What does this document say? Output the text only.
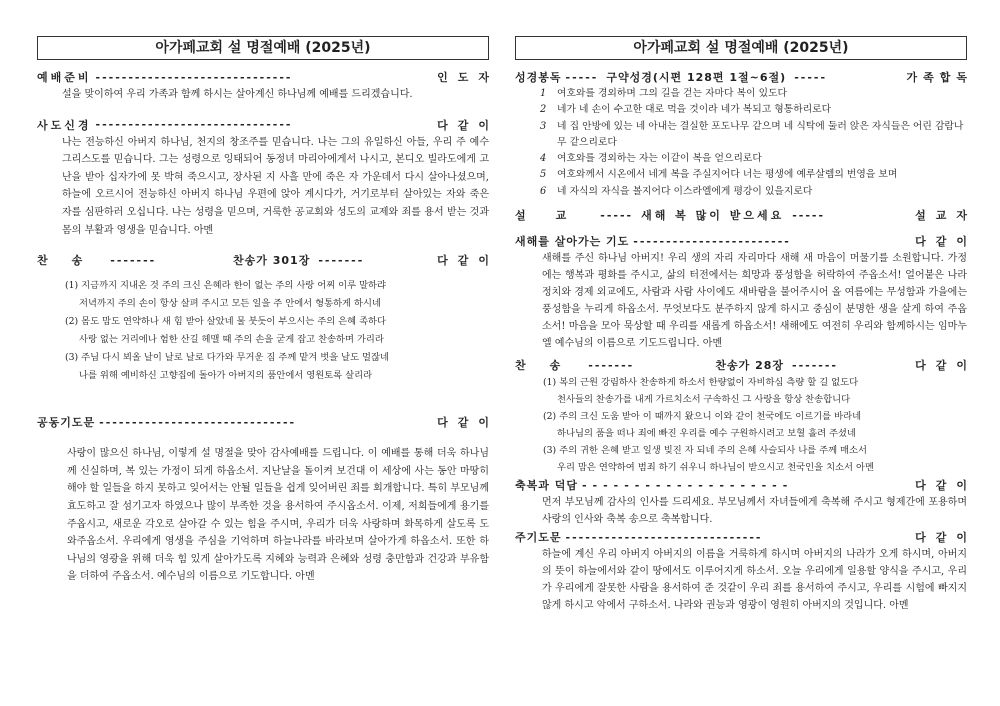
아가페교회 설 명절예배 (2025년)
예배준비 ------------------------------	인도자

설을 맞이하여 우리 가족과 함께 하시는 살아계신 하나님께 예배를 드리겠습니다.

사도신경 ------------------------------	다같이

나는 전능하신 아버지 하나님, 천지의 창조주를 믿습니다. 나는 그의 유일하신 아들, 우리 주 예수 그리스도를 믿습니다. 그는 성령으로 잉태되어 동정녀 마리아에게서 나시고, 본디오 빌라도에게 고난을 받아 십자가에 못 박혀 죽으시고, 장사된 지 사흘 만에 죽은 자 가운데서 다시 살아나셨으며, 하늘에 오르시어 전능하신 아버지 하나님 우편에 앉아 계시다가, 거기로부터 살아있는 자와 죽은 자를 심판하러 오십니다. 나는 성령을 믿으며, 거룩한 공교회와 성도의 교제와 죄를 용서 받는 것과 몸의 부활과 영생을 믿습니다. 아멘

찬송 -------	찬송가 301장 -------	다같이
(1) 지금까지 지내온 것 주의 크신 은혜라 한이 없는 주의 사랑 어찌 이루 말하랴
저녁까지 주의 손이 항상 살펴 주시고 모든 일을 주 안에서 형통하게 하시네
(2) 몸도 맘도 연약하나 새 힘 받아 살았네 물 붓듯이 부으시는 주의 은혜 족하다
사랑 없는 거리에나 험한 산길 헤맬 때 주의 손을 굳게 잡고 찬송하며 가리라
(3) 주님 다시 뵈올 날이 날로 날로 다가와 무거운 짐 주께 맡겨 벗을 날도 멀잖네
나를 위해 예비하신 고향집에 돌아가 아버지의 품안에서 영원토록 살리라
공동기도문 ------------------------------	다같이

사랑이 많으신 하나님, 이렇게 설 명절을 맞아 감사예배를 드립니다. 이 예배를 통해 더욱 하나님께 신실하며, 복 있는 가정이 되게 하옵소서. 지난날을 돌이켜 보건대 이 세상에 사는 동안 마땅히 해야 할 일들을 하지 못하고 잊어서는 안될 일들을 쉽게 잊어버린 죄를 회개합니다. 특히 부모님께 효도하고 잘 섬기고자 하였으나 많이 부족한 것을 용서하여 주시옵소서. 이제, 저희들에게 용기를 주옵시고, 새로운 각오로 살아갈 수 있는 힘을 주시며, 우리가 더욱 사랑하며 화목하게 살도록 도와주옵소서. 우리에게 영생을 주심을 기억하며 하늘나라를 바라보며 살아가게 하옵소서. 또한 하나님의 영광을 위해 더욱 힘 있게 살아가도록 지혜와 능력과 은혜와 성령 충만함과 건강과 부유함을 더하여 주옵소서. 예수님의 이름으로 기도합니다. 아멘

아가페교회 설 명절예배 (2025년)
성경봉독 ----- 구약성경(시편 128편 1절~6절) -----	가족합독
1 여호와를 경외하며 그의 길을 걷는 자마다 복이 있도다
2 네가 네 손이 수고한 대로 먹을 것이라 네가 복되고 형통하리로다
3 네 집 안방에 있는 네 아내는 결실한 포도나무 같으며 네 식탁에 둘러 앉은 자식들은 어린 감람나무 같으리로다
4 여호와를 경외하는 자는 이같이 복을 얻으리로다
5 여호와께서 시온에서 네게 복을 주실지어다 너는 평생에 예루살렘의 번영을 보며
6 네 자식의 자식을 볼지어다 이스라엘에게 평강이 있을지로다
설교 ----- 새해 복 많이 받으세요 -----	설교자
새해를 살아가는 기도 ------------------------	다같이

새해를 주신 하나님 아버지! 우리 생의 자리 자리마다 새해 새 마음이 머물기를 소원합니다. 가정에는 행복과 평화를 주시고, 삶의 터전에서는 희망과 풍성함을 허락하여 주옵소서! 얼어붙은 나라 정치와 경제 외교에도, 사람과 사람 사이에도 새바람을 불어주시어 올 여름에는 무성함과 가을에는 풍성함을 누리게 하옵소서. 무엇보다도 분주하지 않게 하시고 중심이 분명한 생을 살게 하여 주옵소서! 마음을 모아 묵상할 때 우리를 새롭게 하옵소서! 새해에도 여전히 우리와 함께하시는 임마누엘 예수님의 이름으로 기도드립니다. 아멘

찬송 -------	찬송가 28장 -------	다같이
(1) 복의 근원 강림하사 찬송하게 하소서 한량없이 자비하심 측량 할 길 없도다
천사들의 찬송가를 내게 가르치소서 구속하신 그 사랑을 항상 찬송합니다
(2) 주의 크신 도움 받아 이 때까지 왔으니 이와 같이 천국에도 이르기를 바라네
하나님의 품을 떠나 죄에 빠진 우리를 예수 구원하시려고 보혈 흘려 주셨네
(3) 주의 귀한 은혜 받고 일생 빚진 자 되네 주의 은혜 사슬되사 나를 주께 매소서
우리 맘은 연약하여 범죄 하기 쉬우니 하나님이 받으시고 천국인을 치소서 아멘
축복과 덕담 --------------------	다같이

먼저 부모님께 감사의 인사를 드리세요. 부모님께서 자녀들에게 축복해 주시고 형제간에 포용하며 사랑의 인사와 축복 송으로 축복합니다.

주기도문 ------------------------------	다같이

하늘에 계신 우리 아버지 아버지의 이름을 거룩하게 하시며 아버지의 나라가 오게 하시며, 아버지의 뜻이 하늘에서와 같이 땅에서도 이루어지게 하소서. 오늘 우리에게 일용할 양식을 주시고, 우리가 우리에게 잘못한 사람을 용서하여 준 것같이 우리 죄를 용서하여 주시고, 우리를 시험에 빠지지 않게 하시고 악에서 구하소서. 나라와 권능과 영광이 영원히 아버지의 것입니다. 아멘
